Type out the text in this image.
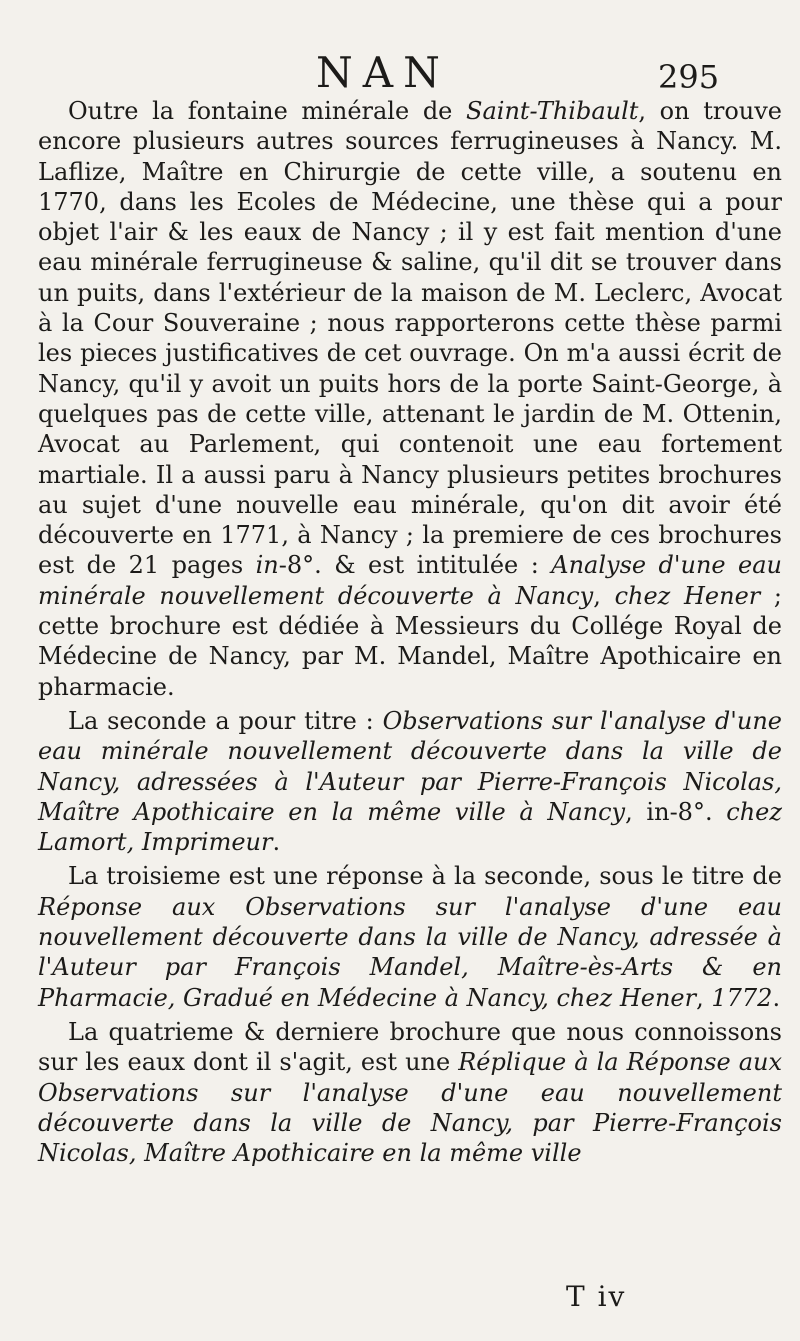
NAN	295

Outre la fontaine minérale de Saint-Thibault, on trouve encore plusieurs autres sources ferrugineuses à Nancy. M. Laflize, Maître en Chirurgie de cette ville, a soutenu en 1770, dans les Ecoles de Médecine, une thèse qui a pour objet l'air & les eaux de Nancy ; il y est fait mention d'une eau minérale ferrugineuse & saline, qu'il dit se trouver dans un puits, dans l'extérieur de la maison de M. Leclerc, Avocat à la Cour Souveraine ; nous rapporterons cette thèse parmi les pieces justificatives de cet ouvrage. On m'a aussi écrit de Nancy, qu'il y avoit un puits hors de la porte Saint-George, à quelques pas de cette ville, attenant le jardin de M. Ottenin, Avocat au Parlement, qui contenoit une eau fortement martiale. Il a aussi paru à Nancy plusieurs petites brochures au sujet d'une nouvelle eau minérale, qu'on dit avoir été découverte en 1771, à Nancy ; la premiere de ces brochures est de 21 pages in-8°. & est intitulée : Analyse d'une eau minérale nouvellement découverte à Nancy, chez Hener ; cette brochure est dédiée à Messieurs du Collége Royal de Médecine de Nancy, par M. Mandel, Maître Apothicaire en pharmacie.

La seconde a pour titre : Observations sur l'analyse d'une eau minérale nouvellement découverte dans la ville de Nancy, adressées à l'Auteur par Pierre-François Nicolas, Maître Apothicaire en la même ville à Nancy, in-8°. chez Lamort, Imprimeur.

La troisieme est une réponse à la seconde, sous le titre de Réponse aux Observations sur l'analyse d'une eau nouvellement découverte dans la ville de Nancy, adressée à l'Auteur par François Mandel, Maître-ès-Arts & en Pharmacie, Gradué en Médecine à Nancy, chez Hener, 1772.

La quatrieme & derniere brochure que nous connoissons sur les eaux dont il s'agit, est une Réplique à la Réponse aux Observations sur l'analyse d'une eau nouvellement découverte dans la ville de Nancy, par Pierre-François Nicolas, Maître Apothicaire en la même ville

T iv
